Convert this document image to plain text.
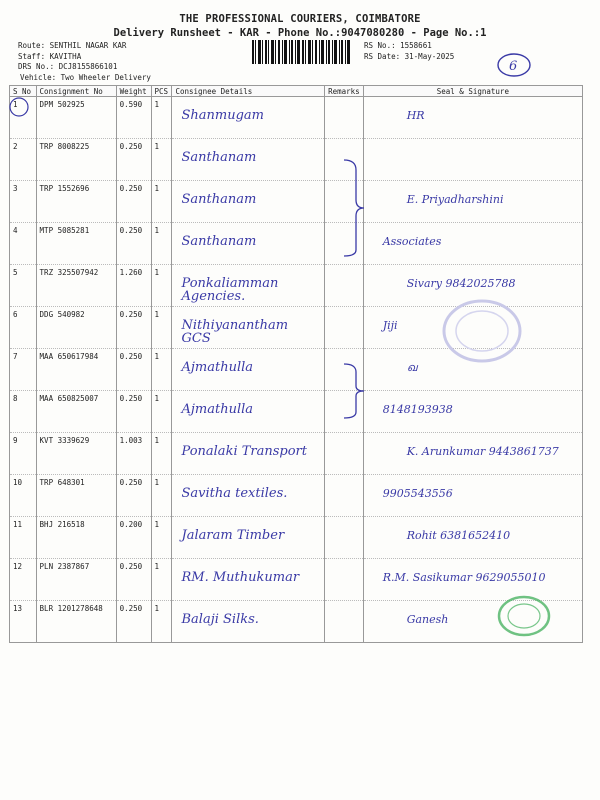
THE PROFESSIONAL COURIERS, COIMBATORE
Delivery Runsheet - KAR - Phone No.:9047080280 - Page No.:1
Route: SENTHIL NAGAR KAR
Staff: KAVITHA
DRS No.: DCJ8155866101
Vehicle: Two Wheeler Delivery
RS No.: 1558661
RS Date: 31-May-2025
6
S No	Consignment No	Weight	PCS	Consignee Details	Remarks	Seal & Signature
1	DPM 502925	0.590	1	Shanmugam		HR
2	TRP 8008225	0.250	1	Santhanam		
3	TRP 1552696	0.250	1	Santhanam		E. Priyadharshini
4	MTP 5085281	0.250	1	Santhanam		Associates
5	TRZ 325507942	1.260	1	Ponkaliamman Agencies.		Sivary 9842025788
6	DDG 540982	0.250	1	Nithiyanantham GCS		Jiji
7	MAA 650617984	0.250	1	Ajmathulla		ഖ
8	MAA 650825007	0.250	1	Ajmathulla		8148193938
9	KVT 3339629	1.003	1	Ponalaki Transport		K. Arunkumar 9443861737
10	TRP 648301	0.250	1	Savitha textiles.		9905543556
11	BHJ 216518	0.200	1	Jalaram Timber		Rohit 6381652410
12	PLN 2387867	0.250	1	RM. Muthukumar		R.M. Sasikumar 9629055010
13	BLR 1201278648	0.250	1	Balaji Silks.		Ganesh
